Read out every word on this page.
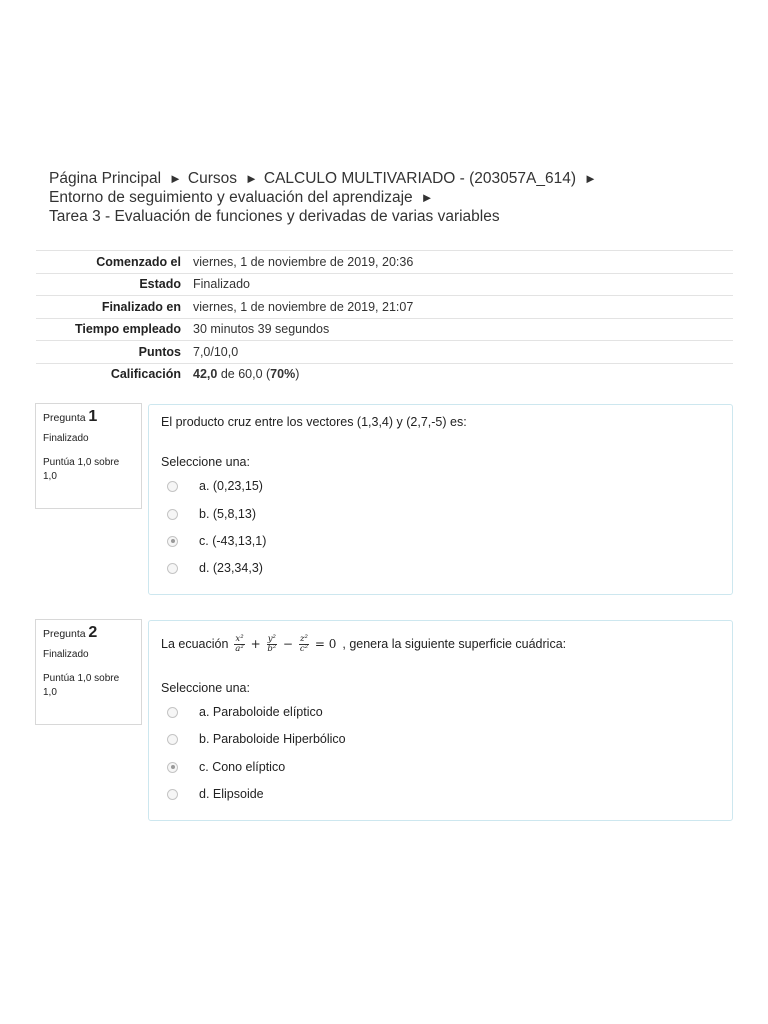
Página Principal ► Cursos ► CALCULO MULTIVARIADO - (203057A_614) ►
Entorno de seguimiento y evaluación del aprendizaje ►
Tarea 3 - Evaluación de funciones y derivadas de varias variables
Comenzado el	viernes, 1 de noviembre de 2019, 20:36
Estado	Finalizado
Finalizado en	viernes, 1 de noviembre de 2019, 21:07
Tiempo empleado	30 minutos 39 segundos
Puntos	7,0/10,0
Calificación	42,0 de 60,0 (70%)
Pregunta 1
Finalizado
Puntúa 1,0 sobre 1,0
El producto cruz entre los vectores (1,3,4) y (2,7,-5) es:
Seleccione una:
a. (0,23,15)
b. (5,8,13)
c. (-43,13,1)
d. (23,34,3)
Pregunta 2
Finalizado
Puntúa 1,0 sobre 1,0
La ecuación $\frac{\text{x²}}{\text{a²}} + \frac{\text{y²}}{\text{b²}} - \frac{\text{z²}}{\text{c²}} = 0$ , genera la siguiente superficie cuádrica:
Seleccione una:
a. Paraboloide elíptico
b. Paraboloide Hiperbólico
c. Cono elíptico
d. Elipsoide
